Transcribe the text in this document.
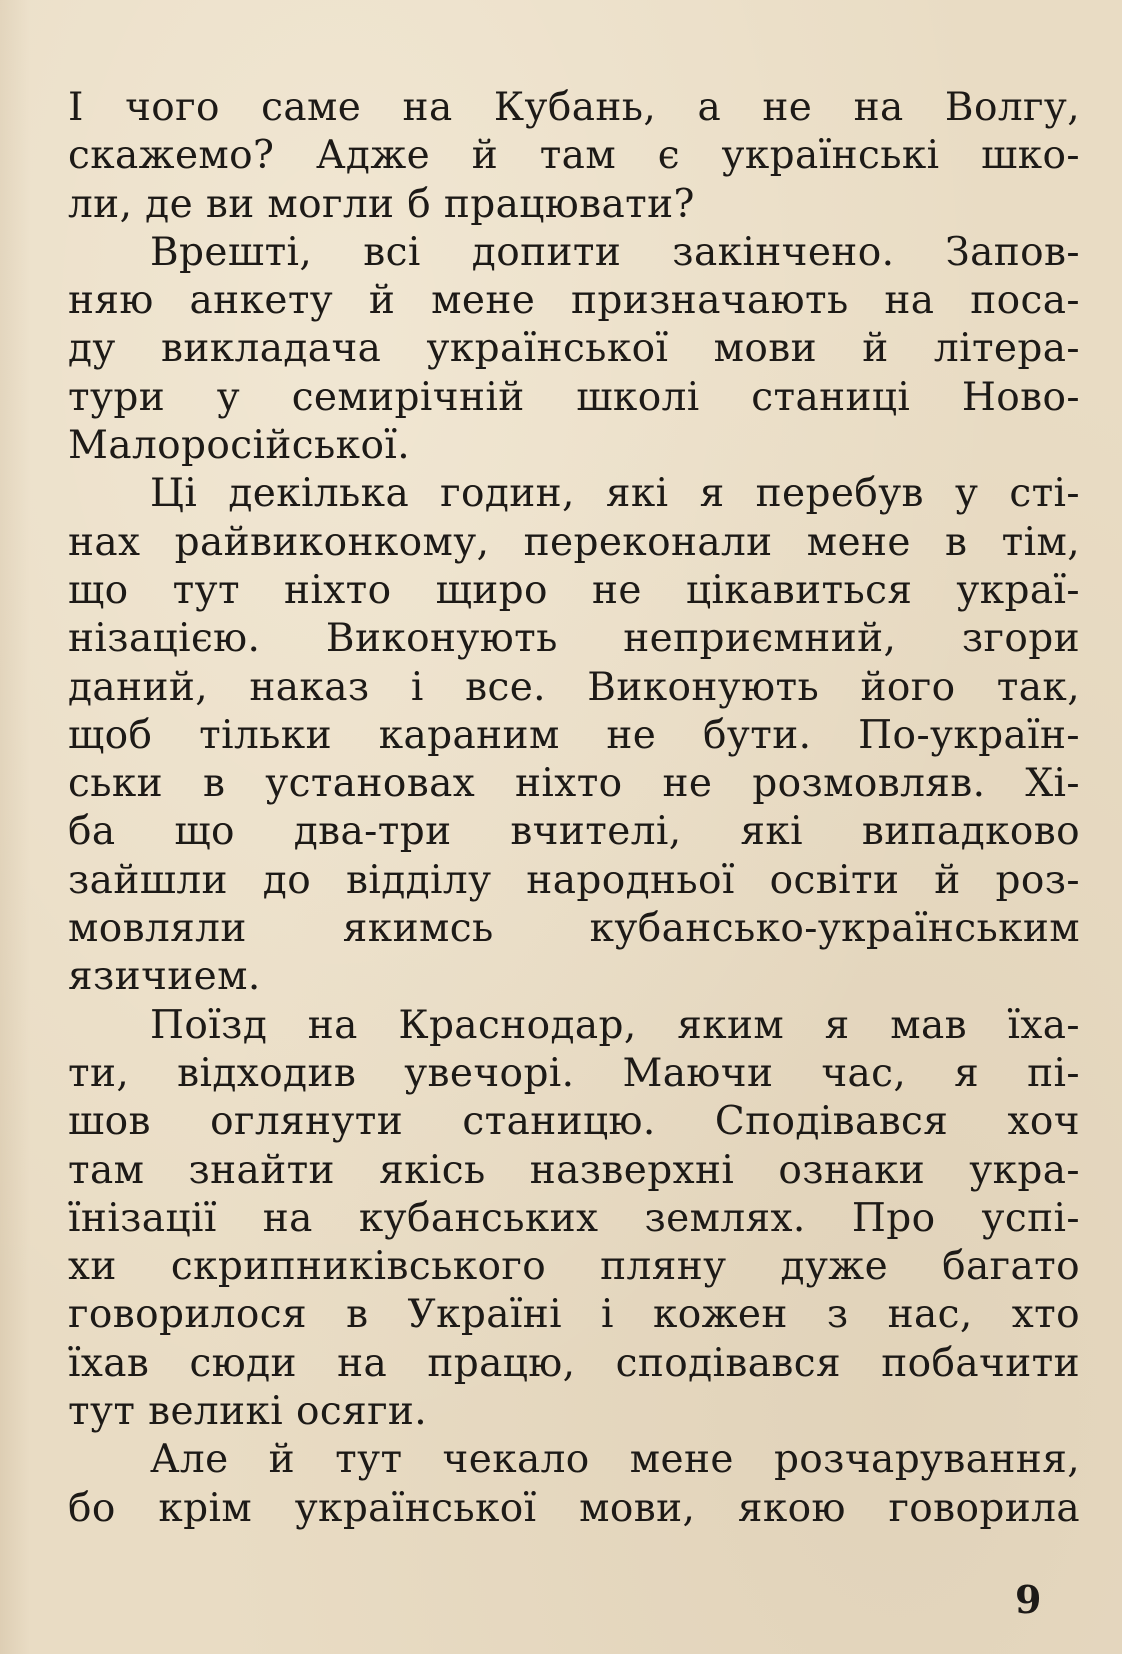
І чого саме на Кубань, а не на Волгу,
скажемо? Адже й там є українські шко-
ли, де ви могли б працювати?
Врешті, всі допити закінчено. Запов-
няю анкету й мене призначають на поса-
ду викладача української мови й літера-
тури у семирічній школі станиці Ново-
Малоросійської.
Ці декілька годин, які я перебув у сті-
нах райвиконкому, переконали мене в тім,
що тут ніхто щиро не цікавиться украї-
нізацією. Виконують неприємний, згори
даний, наказ і все. Виконують його так,
щоб тільки караним не бути. По-україн-
ськи в установах ніхто не розмовляв. Хі-
ба що два-три вчителі, які випадково
зайшли до відділу народньої освіти й роз-
мовляли якимсь кубансько-українським
язичием.
Поїзд на Краснодар, яким я мав їха-
ти, відходив увечорі. Маючи час, я пі-
шов оглянути станицю. Сподівався хоч
там знайти якісь назверхні ознаки укра-
їнізації на кубанських землях. Про успі-
хи скрипниківського пляну дуже багато
говорилося в Україні і кожен з нас, хто
їхав сюди на працю, сподівався побачити
тут великі осяги.
Але й тут чекало мене розчарування,
бо крім української мови, якою говорила
9
